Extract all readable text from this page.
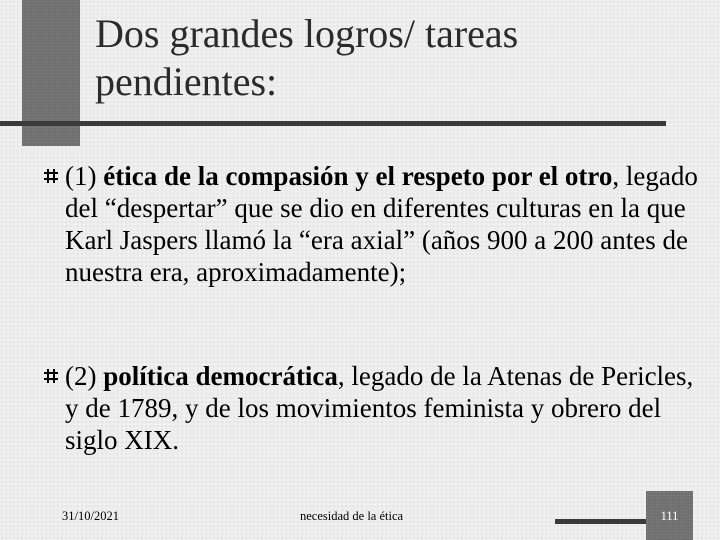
Dos grandes logros/ tareas
pendientes:
(1) ética de la compasión y el respeto por el otro, legado del “despertar” que se dio en diferentes culturas en la que Karl Jaspers llamó la “era axial” (años 900 a 200 antes de nuestra era, aproximadamente);
(2) política democrática, legado de la Atenas de Pericles, y de 1789, y de los movimientos feminista y obrero del siglo XIX.
31/10/2021	necesidad de la ética	111
